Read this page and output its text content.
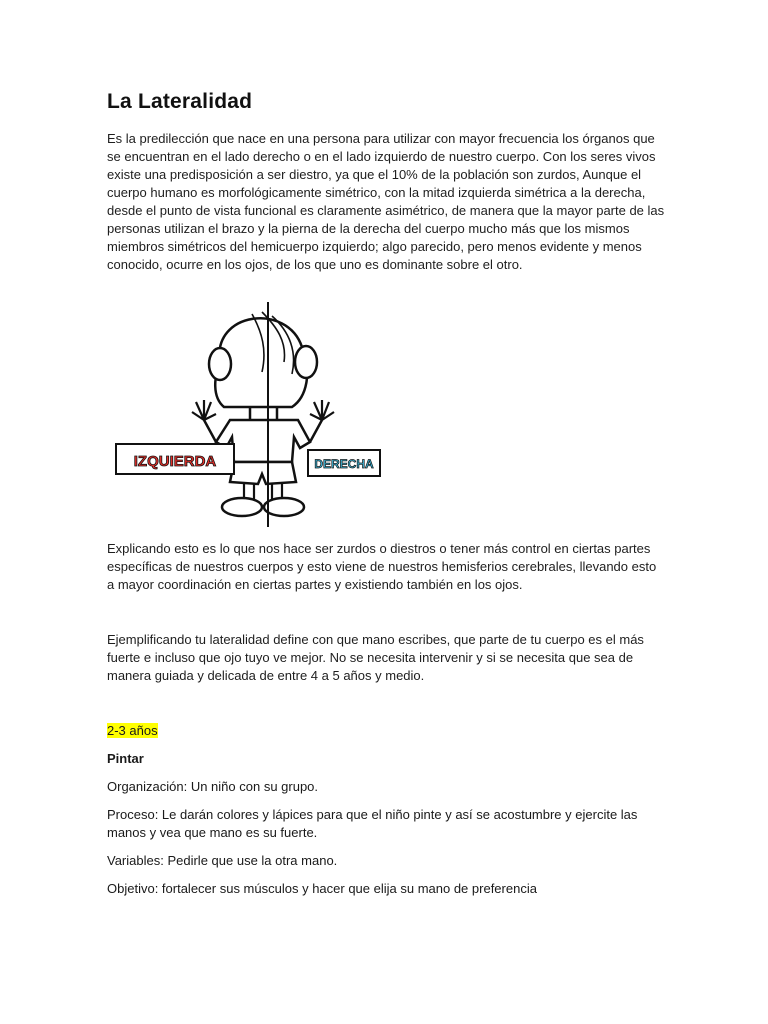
La Lateralidad

Es la predilección que nace en una persona para utilizar con mayor frecuencia los órganos que se encuentran en el lado derecho o en el lado izquierdo de nuestro cuerpo. Con los seres vivos existe una predisposición a ser diestro, ya que el 10% de la población son zurdos, Aunque el cuerpo humano es morfológicamente simétrico, con la mitad izquierda simétrica a la derecha, desde el punto de vista funcional es claramente asimétrico, de manera que la mayor parte de las personas utilizan el brazo y la pierna de la derecha del cuerpo mucho más que los mismos miembros simétricos del hemicuerpo izquierdo; algo parecido, pero menos evidente y menos conocido, ocurre en los ojos, de los que uno es dominante sobre el otro.

IZQUIERDA	DERECHA

Explicando esto es lo que nos hace ser zurdos o diestros o tener más control en ciertas partes específicas de nuestros cuerpos y esto viene de nuestros hemisferios cerebrales, llevando esto a mayor coordinación en ciertas partes y existiendo también en los ojos.

Ejemplificando tu lateralidad define con que mano escribes, que parte de tu cuerpo es el más fuerte e incluso que ojo tuyo ve mejor. No se necesita intervenir y si se necesita que sea de manera guiada y delicada de entre 4 a 5 años y medio.

2-3 años

Pintar

Organización: Un niño con su grupo.

Proceso: Le darán colores y lápices para que el niño pinte y así se acostumbre y ejercite las manos y vea que mano es su fuerte.

Variables: Pedirle que use la otra mano.

Objetivo: fortalecer sus músculos y hacer que elija su mano de preferencia
